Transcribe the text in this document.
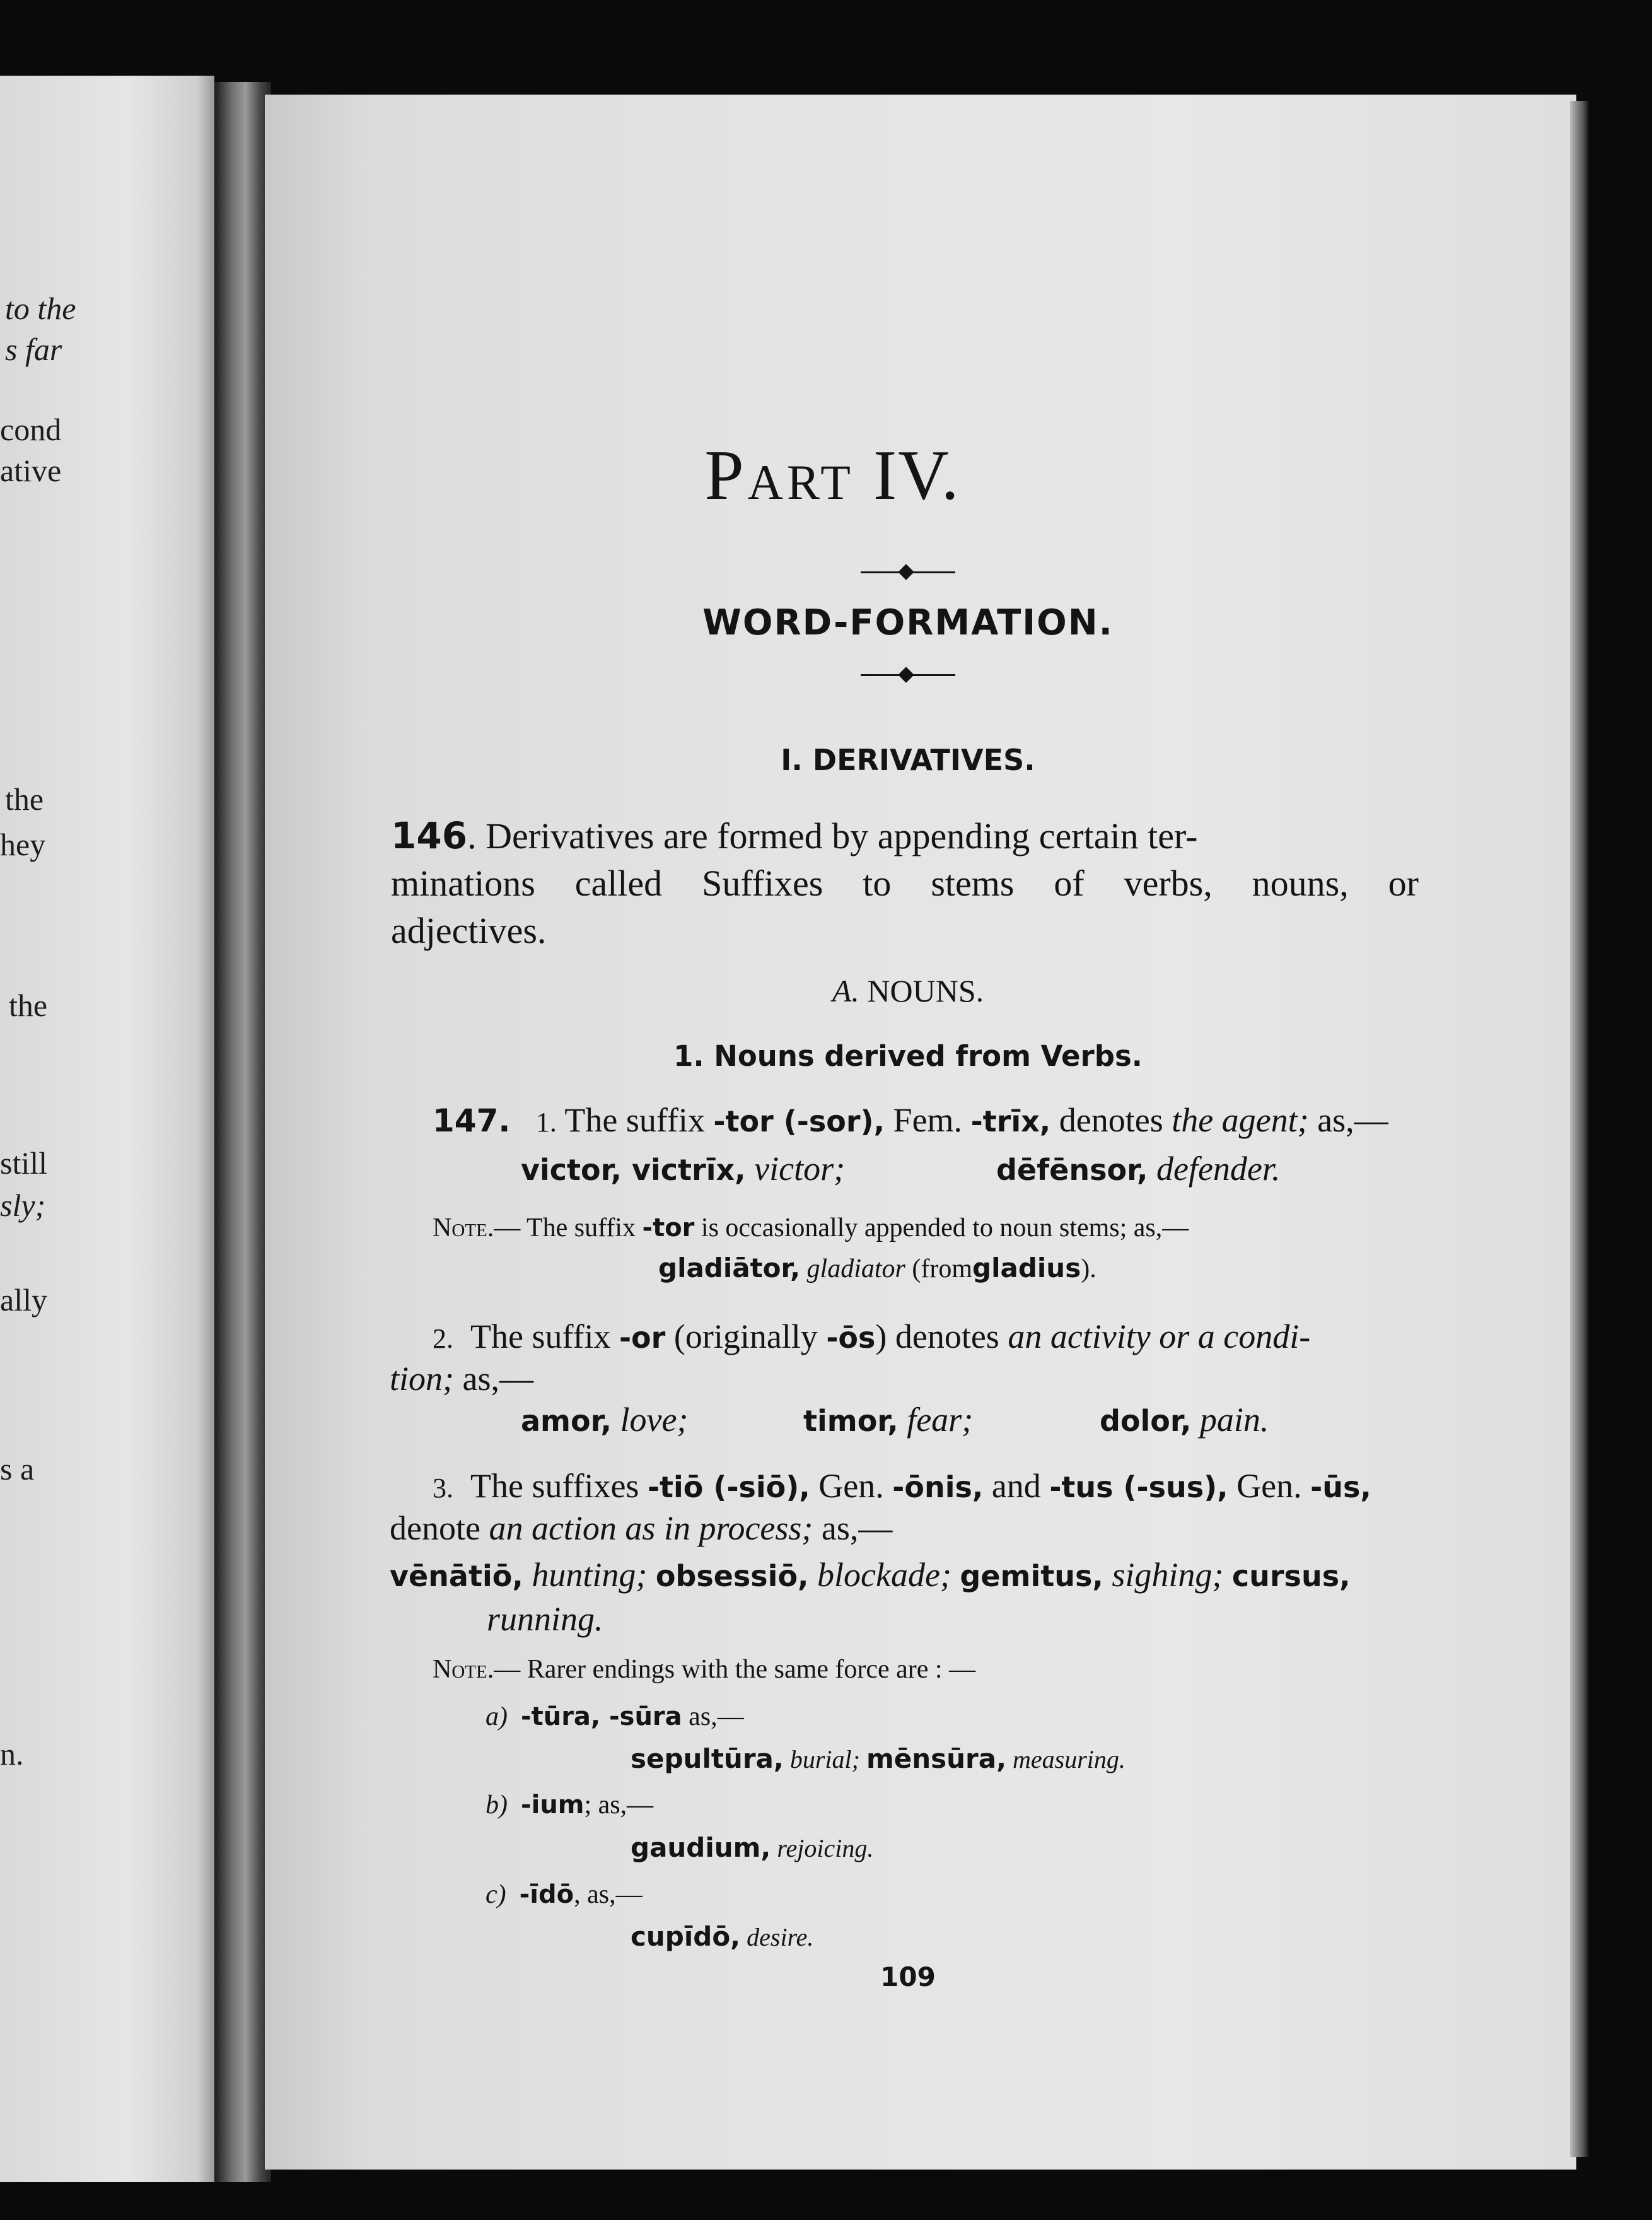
to the
s far
cond
ative
the
hey
the
still
sly;
ally
s a
n.
Part IV.
WORD-FORMATION.
I. DERIVATIVES.
146. Derivatives are formed by appending certain ter-
minations called Suffixes to stems of verbs, nouns, or
adjectives.
A. NOUNS.
1. Nouns derived from Verbs.
147. 1. The suffix -tor (-sor), Fem. -trīx, denotes the agent; as,—
victor, victrīx, victor;	dēfēnsor, defender.
Note.— The suffix -tor is occasionally appended to noun stems; as,—
gladiātor, gladiator (fromgladius).
2. The suffix -or (originally -ōs) denotes an activity or a condi-
tion; as,—
amor, love;	timor, fear;	dolor, pain.
3. The suffixes -tiō (-siō), Gen. -ōnis, and -tus (-sus), Gen. -ūs,
denote an action as in process; as,—
vēnātiō, hunting; obsessiō, blockade; gemitus, sighing; cursus,
running.
Note.— Rarer endings with the same force are : —
a) -tūra, -sūra as,—
sepultūra, burial; mēnsūra, measuring.
b) -ium; as,—
gaudium, rejoicing.
c) -īdō, as,—
cupīdō, desire.
109
